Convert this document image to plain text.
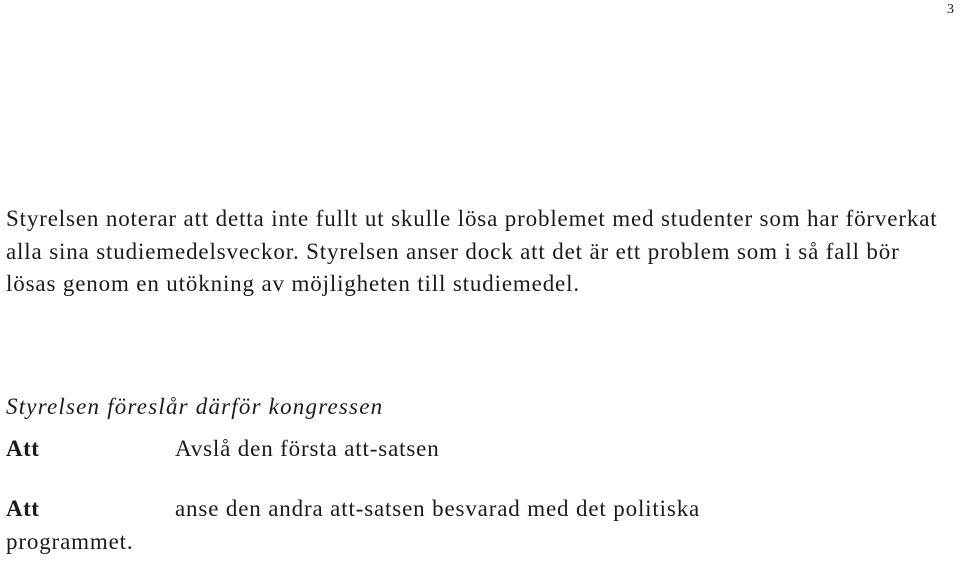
3

Styrelsen noterar att detta inte fullt ut skulle lösa problemet med studenter som har förverkat alla sina studiemedelsveckor. Styrelsen anser dock att det är ett problem som i så fall bör lösas genom en utökning av möjligheten till studiemedel.

Styrelsen föreslår därför kongressen

Att	Avslå den första att-satsen
Att	anse den andra att-satsen besvarad med det politiska
programmet.
